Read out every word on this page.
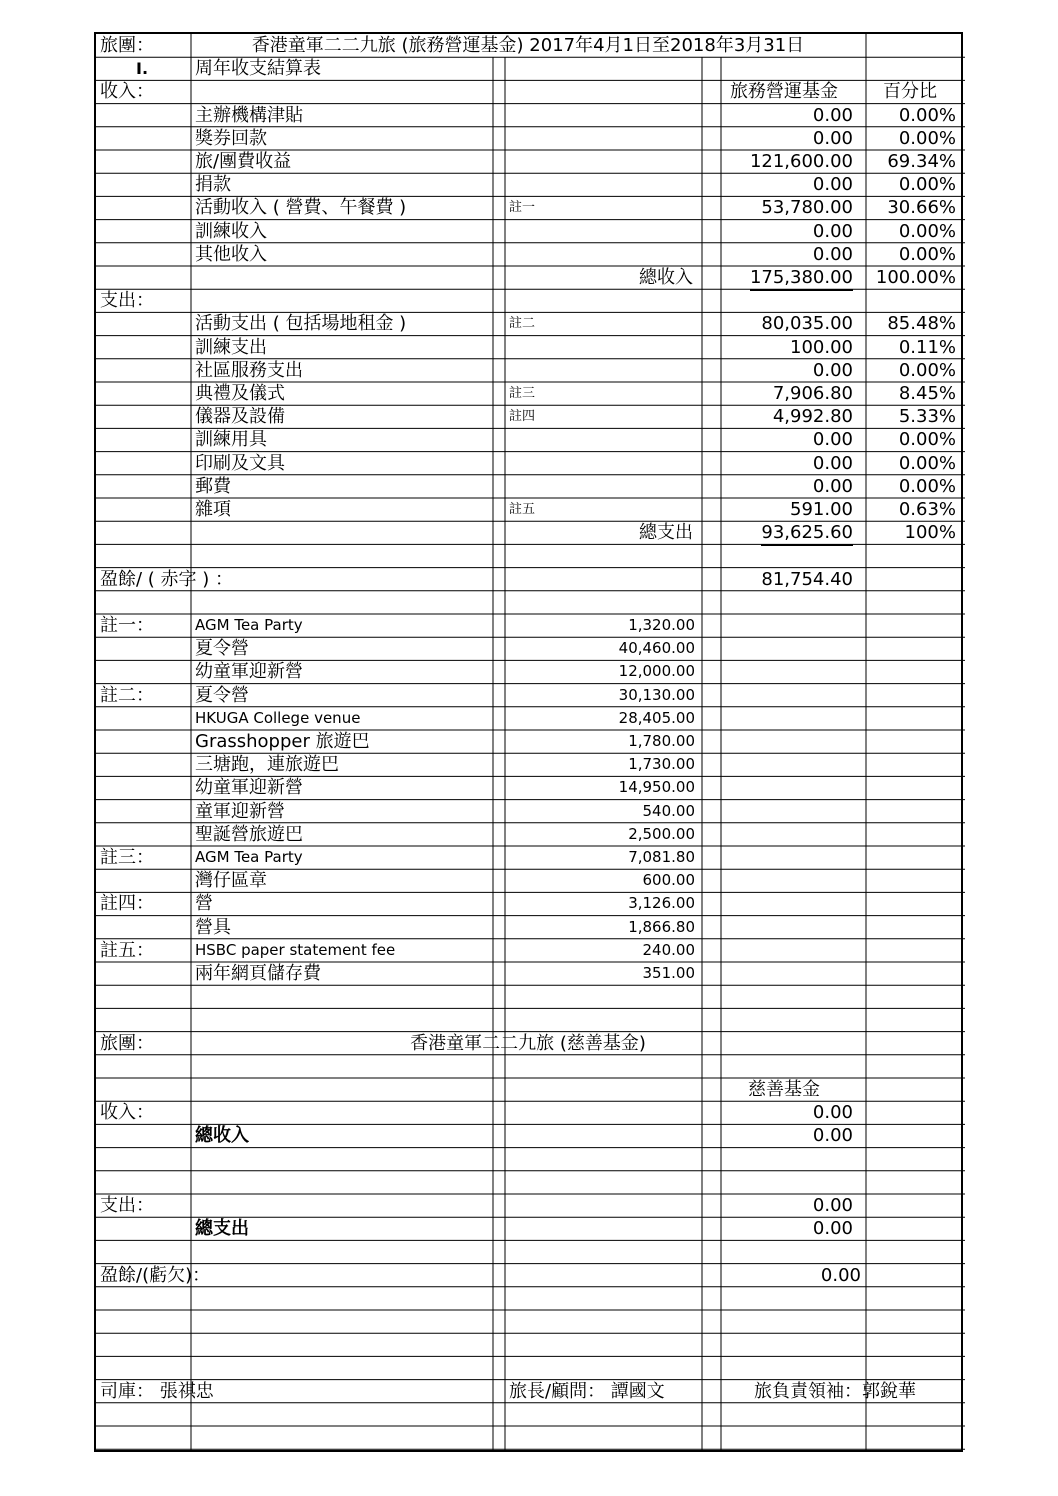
旅團：	香港童軍二二九旅 (旅務營運基金) 2017年4月1日至2018年3月31日
I.	周年收支結算表
收入：	旅務營運基金	百分比
主辦機構津貼	0.00	0.00%
獎券回款	0.00	0.00%
旅/團費收益	121,600.00 69.34%
捐款	0.00	0.00%
活動收入 ( 營費、午餐費 )	註一	53,780.00 30.66%
訓練收入	0.00	0.00%
其他收入	0.00	0.00%
總收入	175,380.00 100.00%
支出：
活動支出 ( 包括場地租金 )	註二	80,035.00 85.48%
訓練支出	100.00	0.11%
社區服務支出	0.00	0.00%
典禮及儀式	註三	7,906.80	8.45%
儀器及設備	註四	4,992.80	5.33%
訓練用具	0.00	0.00%
印刷及文具	0.00	0.00%
郵費	0.00	0.00%
雜項	註五	591.00	0.63%
總支出	93,625.60	100%
盈餘/ ( 赤字 ) ：	81,754.40
註一：	AGM Tea Party	1,320.00
夏令營	40,460.00
幼童軍迎新營	12,000.00
註二： 夏令營	30,130.00
HKUGA College venue	28,405.00
Grasshopper 旅遊巴	1,780.00
三塘跑，連旅遊巴	1,730.00
幼童軍迎新營	14,950.00
童軍迎新營	540.00
聖誕營旅遊巴	2,500.00
註三：	AGM Tea Party	7,081.80
灣仔區章	600.00
註四： 營	3,126.00
營具	1,866.80
註五：	HSBC paper statement fee	240.00
兩年網頁儲存費	351.00
旅團：	香港童軍二二九旅 (慈善基金)
慈善基金
收入：	0.00
總收入	0.00
支出：	0.00
總支出	0.00
盈餘/(虧欠)：	0.00
司庫： 張祺忠	旅長/顧問： 譚國文	旅負責領袖：郭銳華
